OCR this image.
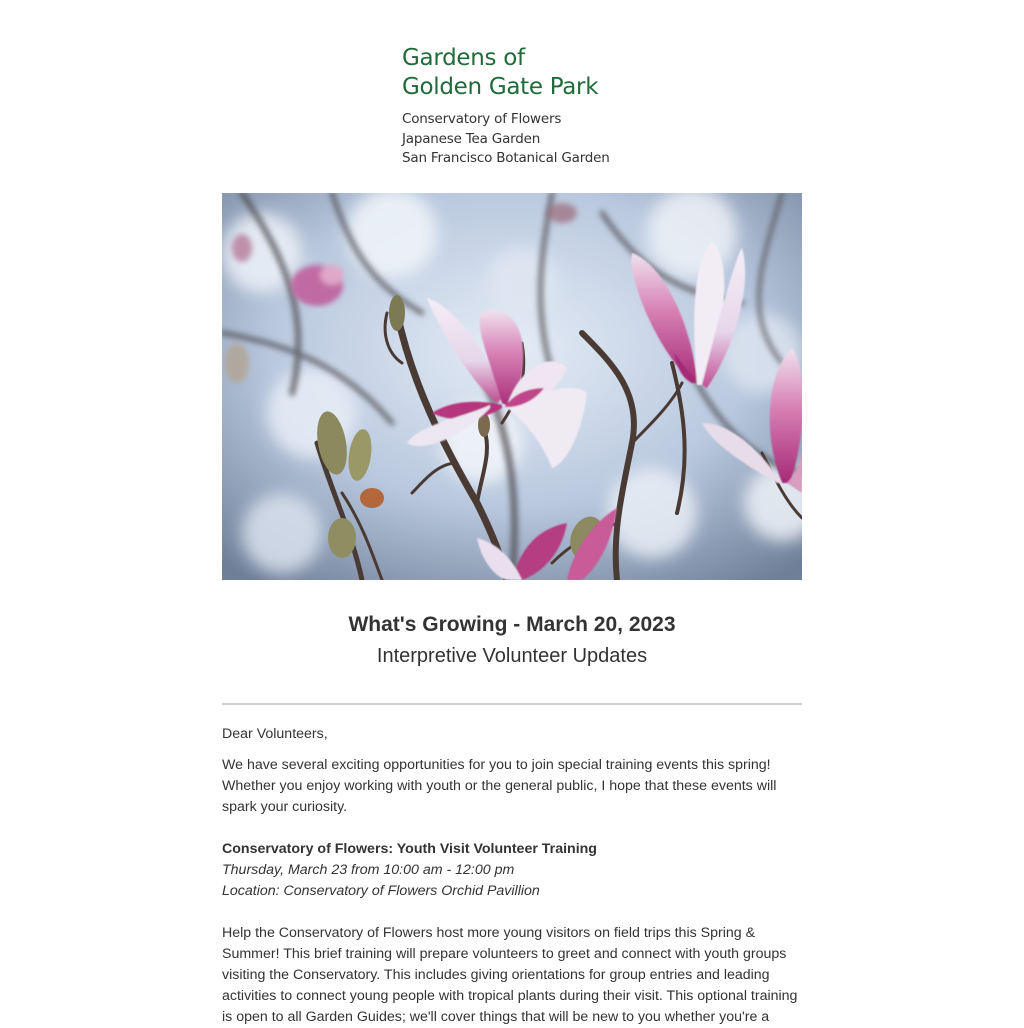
Gardens of
Golden Gate Park
Conservatory of Flowers
Japanese Tea Garden
San Francisco Botanical Garden
What's Growing - March 20, 2023
Interpretive Volunteer Updates

Dear Volunteers,

We have several exciting opportunities for you to join special training events this spring! Whether you enjoy working with youth or the general public, I hope that these events will spark your curiosity.

Conservatory of Flowers: Youth Visit Volunteer Training

Thursday, March 23 from 10:00 am - 12:00 pm

Location: Conservatory of Flowers Orchid Pavillion

Help the Conservatory of Flowers host more young visitors on field trips this Spring & Summer! This brief training will prepare volunteers to greet and connect with youth groups visiting the Conservatory. This includes giving orientations for group entries and leading activities to connect young people with tropical plants during their visit. This optional training is open to all Garden Guides; we'll cover things that will be new to you whether you're a
